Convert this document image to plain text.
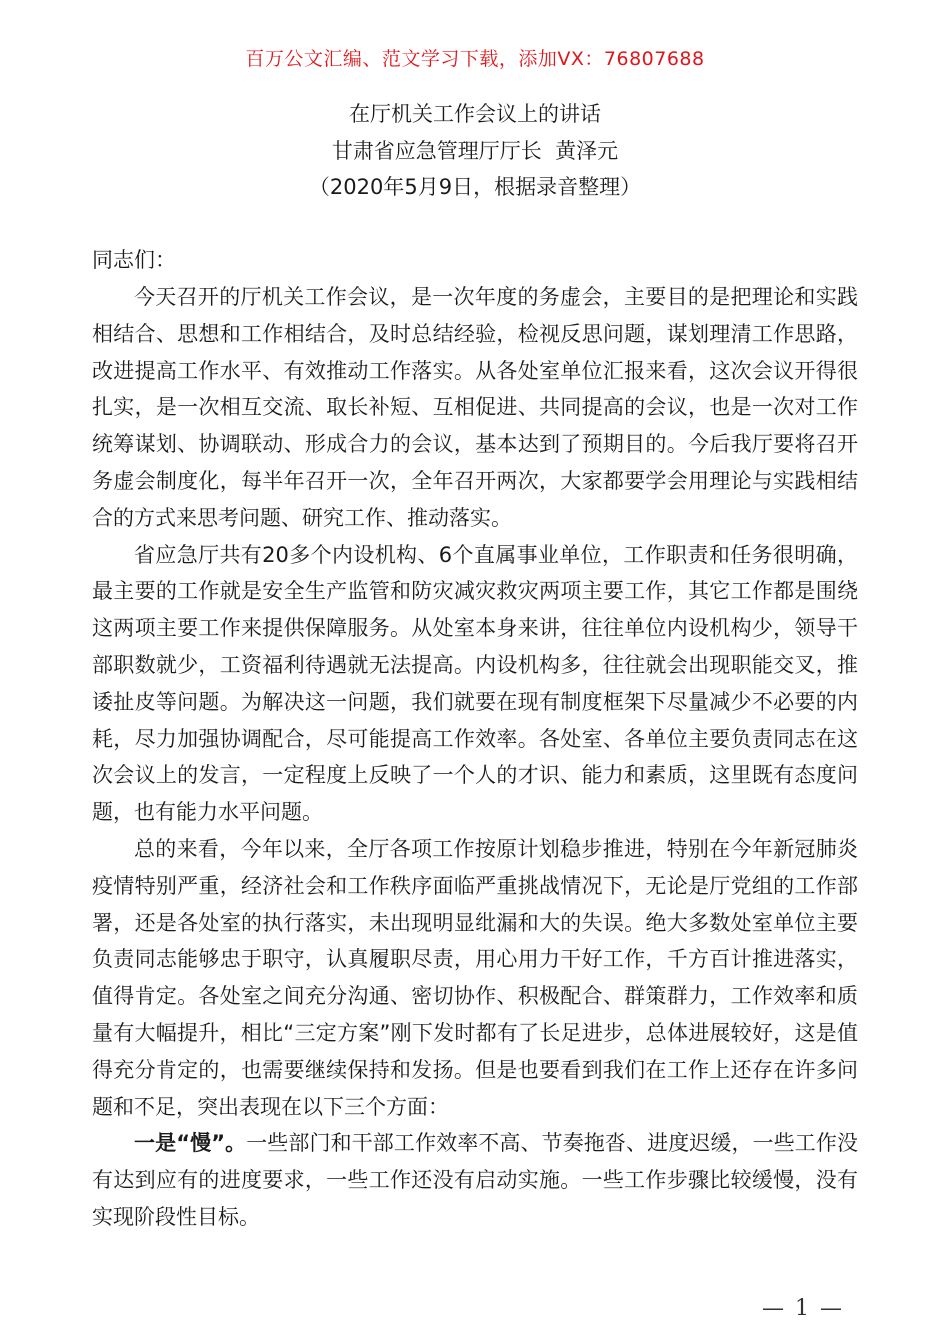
百万公文汇编、范文学习下载，添加VX：76807688
在厅机关工作会议上的讲话
甘肃省应急管理厅厅长  黄泽元
（2020年5月9日，根据录音整理）
同志们：

今天召开的厅机关工作会议，是一次年度的务虚会，主要目的是把理论和实践相结合、思想和工作相结合，及时总结经验，检视反思问题，谋划理清工作思路，改进提高工作水平、有效推动工作落实。从各处室单位汇报来看，这次会议开得很扎实，是一次相互交流、取长补短、互相促进、共同提高的会议，也是一次对工作统筹谋划、协调联动、形成合力的会议，基本达到了预期目的。今后我厅要将召开务虚会制度化，每半年召开一次，全年召开两次，大家都要学会用理论与实践相结合的方式来思考问题、研究工作、推动落实。

省应急厅共有20多个内设机构、6个直属事业单位，工作职责和任务很明确，最主要的工作就是安全生产监管和防灾减灾救灾两项主要工作，其它工作都是围绕这两项主要工作来提供保障服务。从处室本身来讲，往往单位内设机构少，领导干部职数就少，工资福利待遇就无法提高。内设机构多，往往就会出现职能交叉，推诿扯皮等问题。为解决这一问题，我们就要在现有制度框架下尽量减少不必要的内耗，尽力加强协调配合，尽可能提高工作效率。各处室、各单位主要负责同志在这次会议上的发言，一定程度上反映了一个人的才识、能力和素质，这里既有态度问题，也有能力水平问题。

总的来看，今年以来，全厅各项工作按原计划稳步推进，特别在今年新冠肺炎疫情特别严重，经济社会和工作秩序面临严重挑战情况下，无论是厅党组的工作部署，还是各处室的执行落实，未出现明显纰漏和大的失误。绝大多数处室单位主要负责同志能够忠于职守，认真履职尽责，用心用力干好工作，千方百计推进落实，值得肯定。各处室之间充分沟通、密切协作、积极配合、群策群力，工作效率和质量有大幅提升，相比“三定方案”刚下发时都有了长足进步，总体进展较好，这是值得充分肯定的，也需要继续保持和发扬。但是也要看到我们在工作上还存在许多问题和不足，突出表现在以下三个方面：

一是“慢”。一些部门和干部工作效率不高、节奏拖沓、进度迟缓，一些工作没有达到应有的进度要求，一些工作还没有启动实施。一些工作步骤比较缓慢，没有实现阶段性目标。

— 1 —
